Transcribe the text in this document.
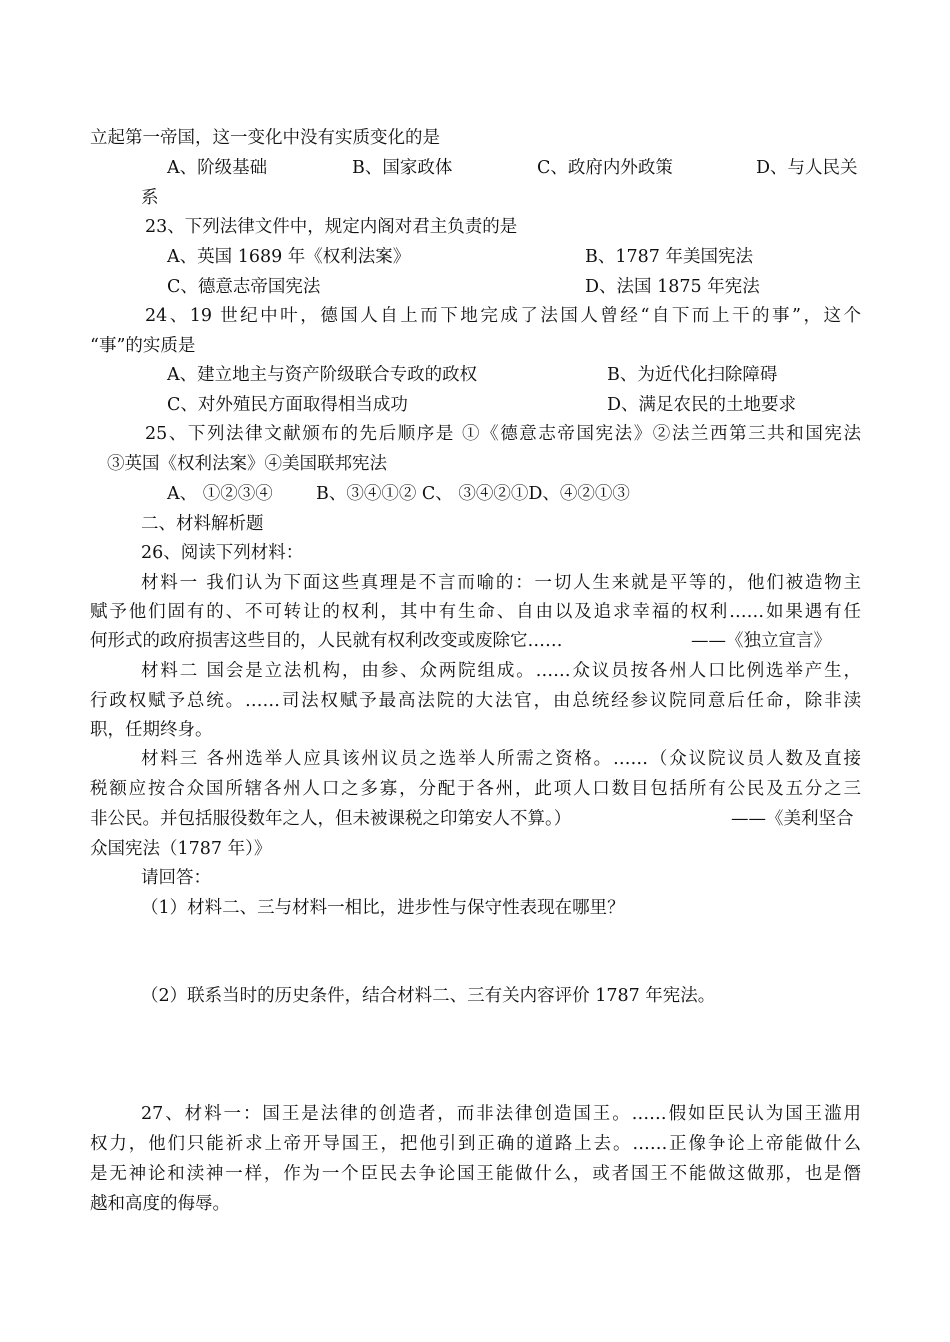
立起第一帝国，这一变化中没有实质变化的是
A、阶级基础	B、国家政体	C、政府内外政策	D、与人民关
系
23、下列法律文件中，规定内阁对君主负责的是
A、英国 1689 年《权利法案》	B、1787 年美国宪法
C、德意志帝国宪法	D、法国 1875 年宪法
24、19 世纪中叶，德国人自上而下地完成了法国人曾经“自下而上干的事”，这个
“事”的实质是
A、建立地主与资产阶级联合专政的政权	B、为近代化扫除障碍
C、对外殖民方面取得相当成功	D、满足农民的土地要求
25、下列法律文献颁布的先后顺序是 ①《德意志帝国宪法》②法兰西第三共和国宪法
③英国《权利法案》④美国联邦宪法
A、 ①②③④ B、③④①② C、 ③④②①D、④②①③
二、材料解析题
26、阅读下列材料：
材料一 我们认为下面这些真理是不言而喻的：一切人生来就是平等的，他们被造物主
赋予他们固有的、不可转让的权利，其中有生命、自由以及追求幸福的权利……如果遇有任
何形式的政府损害这些目的，人民就有权利改变或废除它……	——《独立宣言》
材料二 国会是立法机构，由参、众两院组成。……众议员按各州人口比例选举产生，
行政权赋予总统。……司法权赋予最高法院的大法官，由总统经参议院同意后任命，除非渎
职，任期终身。
材料三 各州选举人应具该州议员之选举人所需之资格。……（众议院议员人数及直接
税额应按合众国所辖各州人口之多寡，分配于各州，此项人口数目包括所有公民及五分之三
非公民。并包括服役数年之人，但未被课税之印第安人不算。）	——《美利坚合
众国宪法（1787 年）》
请回答：
（1）材料二、三与材料一相比，进步性与保守性表现在哪里？
（2）联系当时的历史条件，结合材料二、三有关内容评价 1787 年宪法。
27、材料一：国王是法律的创造者，而非法律创造国王。……假如臣民认为国王滥用
权力，他们只能祈求上帝开导国王，把他引到正确的道路上去。……正像争论上帝能做什么
是无神论和渎神一样，作为一个臣民去争论国王能做什么，或者国王不能做这做那，也是僭
越和高度的侮辱。
